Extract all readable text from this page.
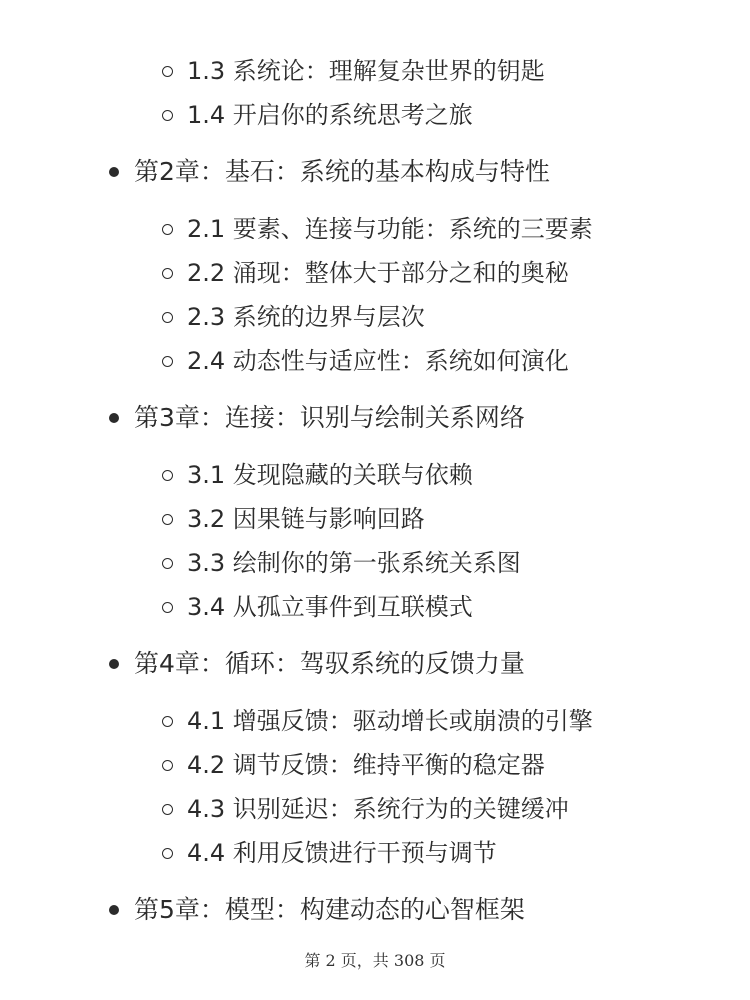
1.3 系统论：理解复杂世界的钥匙
1.4 开启你的系统思考之旅
第2章：基石：系统的基本构成与特性
2.1 要素、连接与功能：系统的三要素
2.2 涌现：整体大于部分之和的奥秘
2.3 系统的边界与层次
2.4 动态性与适应性：系统如何演化
第3章：连接：识别与绘制关系网络
3.1 发现隐藏的关联与依赖
3.2 因果链与影响回路
3.3 绘制你的第一张系统关系图
3.4 从孤立事件到互联模式
第4章：循环：驾驭系统的反馈力量
4.1 增强反馈：驱动增长或崩溃的引擎
4.2 调节反馈：维持平衡的稳定器
4.3 识别延迟：系统行为的关键缓冲
4.4 利用反馈进行干预与调节
第5章：模型：构建动态的心智框架
第 2 页，共 308 页
